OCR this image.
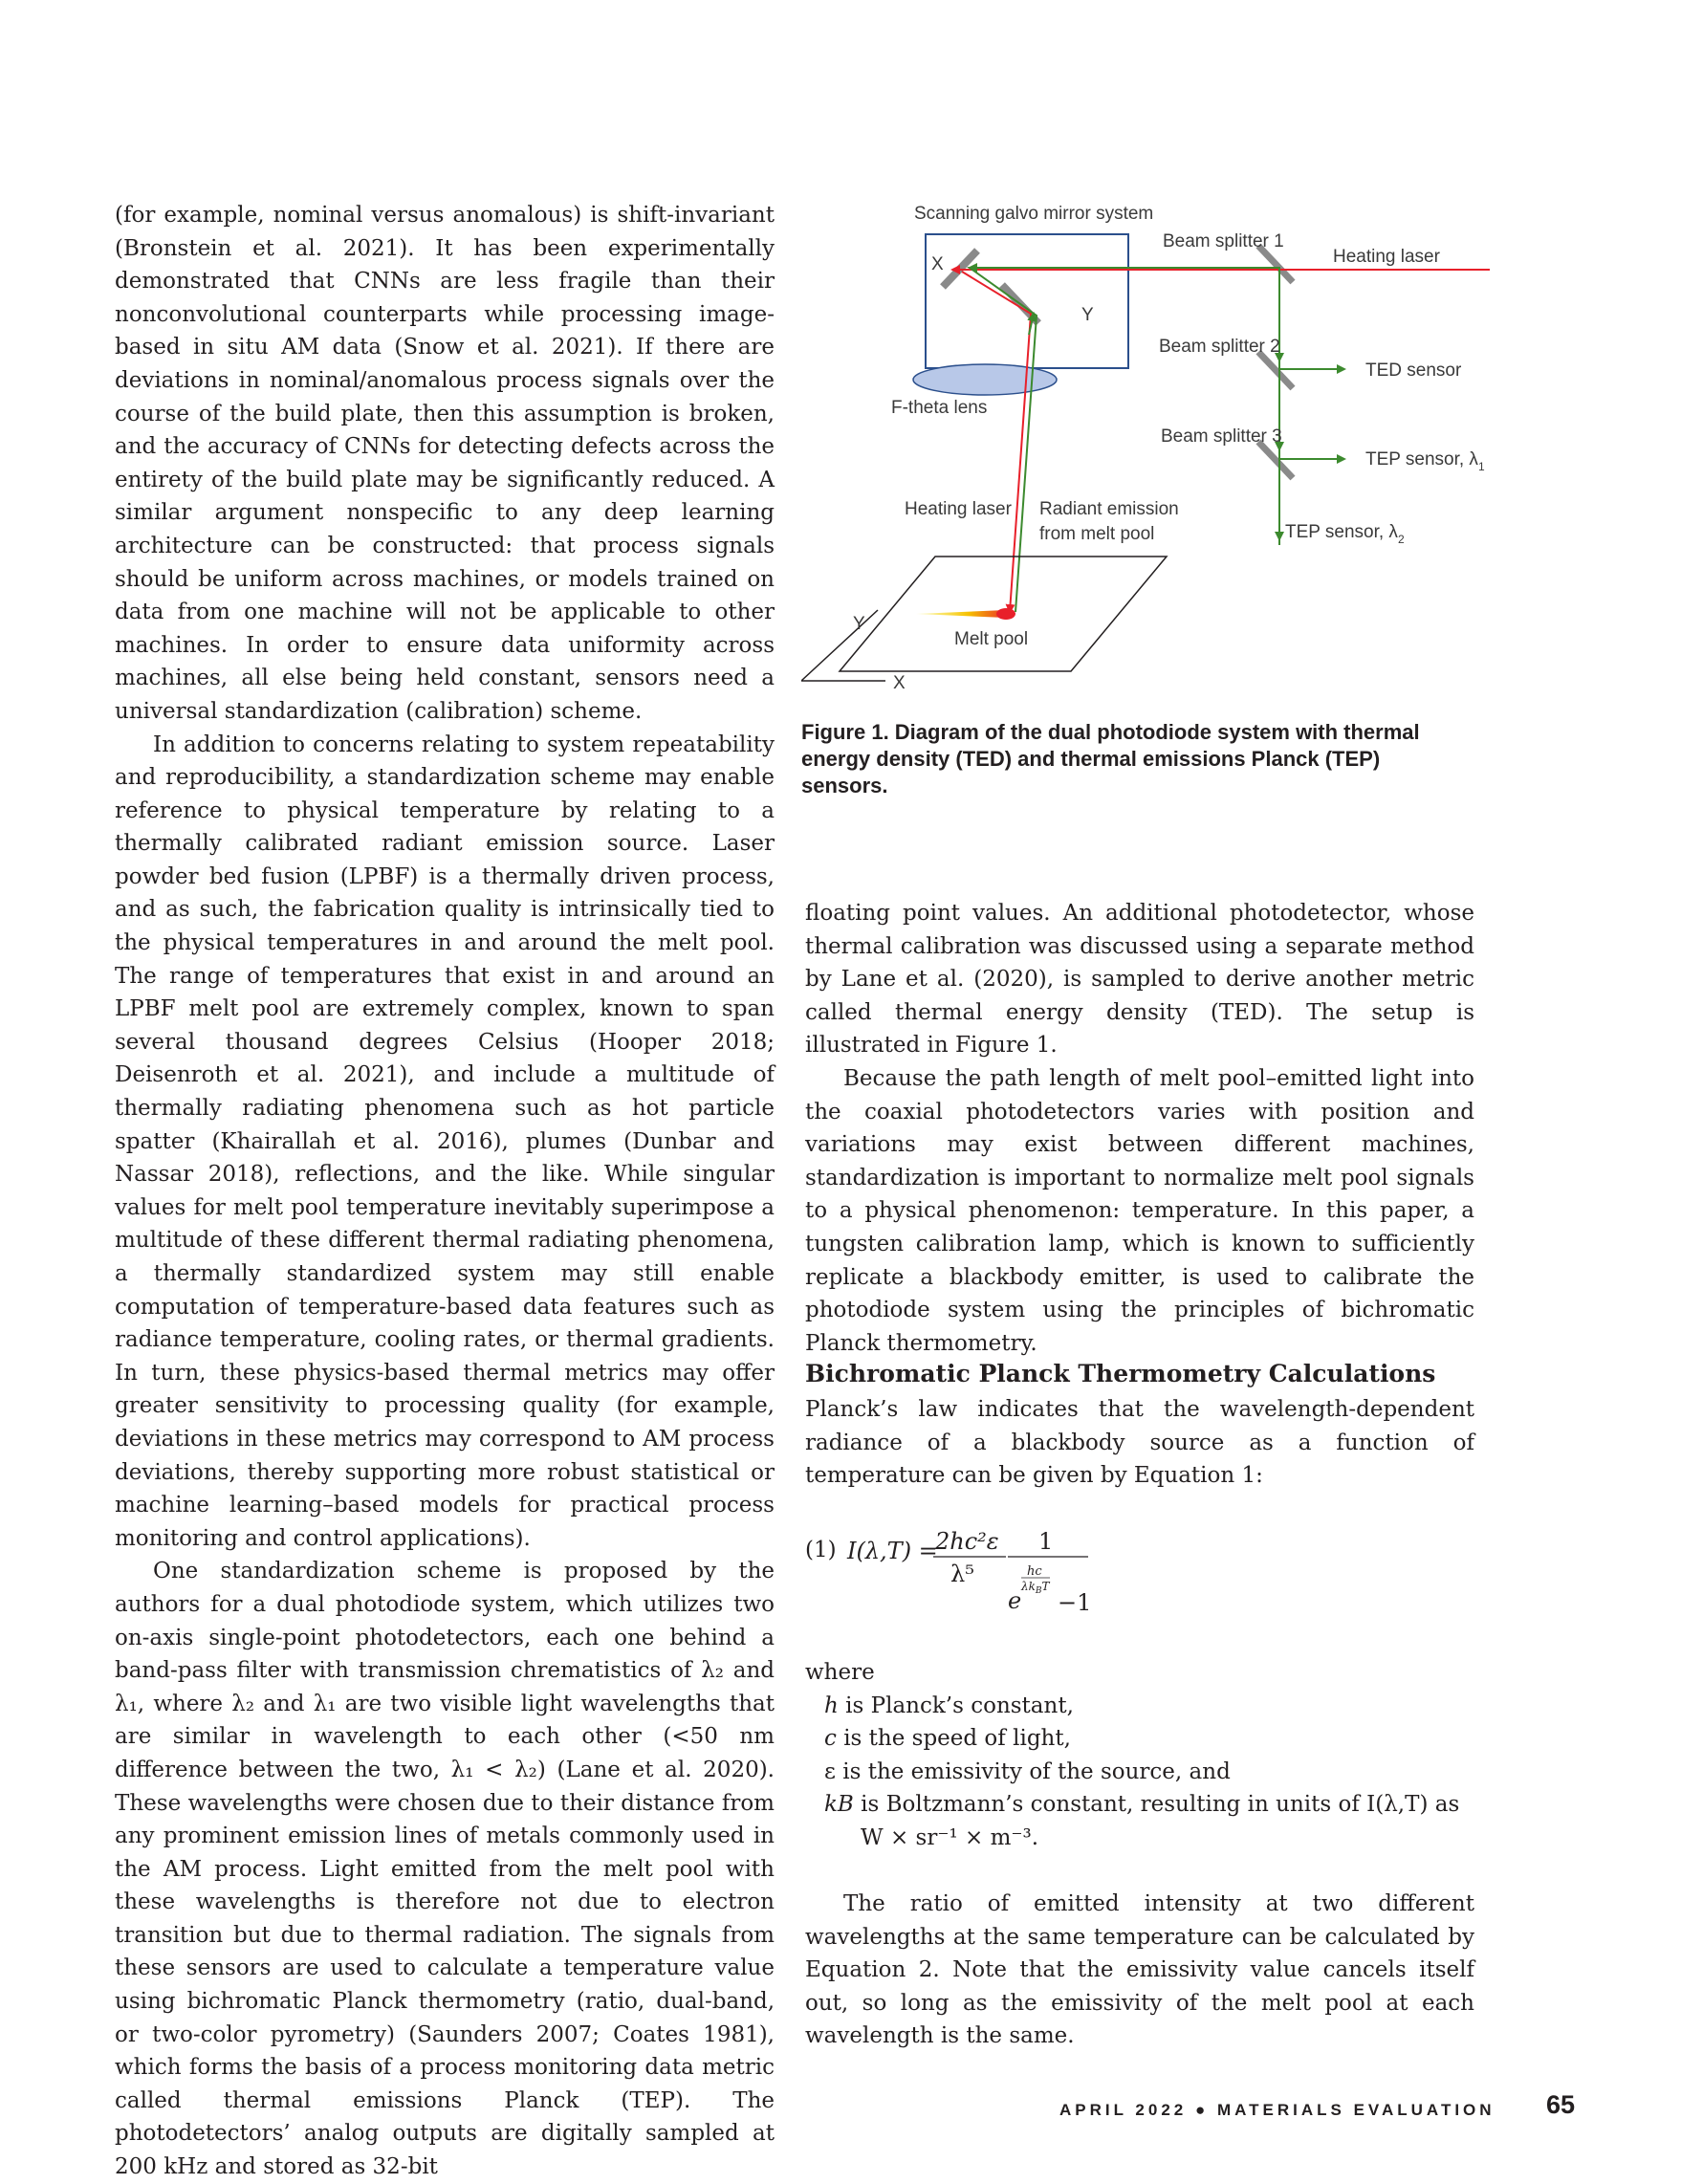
(for example, nominal versus anomalous) is shift-invariant (Bronstein et al. 2021). It has been experimentally demonstrated that CNNs are less fragile than their nonconvolutional counterparts while processing image-based in situ AM data (Snow et al. 2021). If there are deviations in nominal/anomalous process signals over the course of the build plate, then this assumption is broken, and the accuracy of CNNs for detecting defects across the entirety of the build plate may be significantly reduced. A similar argument nonspecific to any deep learning architecture can be constructed: that process signals should be uniform across machines, or models trained on data from one machine will not be applicable to other machines. In order to ensure data uniformity across machines, all else being held constant, sensors need a universal standardization (calibration) scheme.

In addition to concerns relating to system repeatability and reproducibility, a standardization scheme may enable reference to physical temperature by relating to a thermally calibrated radiant emission source. Laser powder bed fusion (LPBF) is a thermally driven process, and as such, the fabrication quality is intrinsically tied to the physical temperatures in and around the melt pool. The range of temperatures that exist in and around an LPBF melt pool are extremely complex, known to span several thousand degrees Celsius (Hooper 2018; Deisenroth et al. 2021), and include a multitude of thermally radiating phenomena such as hot particle spatter (Khairallah et al. 2016), plumes (Dunbar and Nassar 2018), reflections, and the like. While singular values for melt pool temperature inevitably superimpose a multitude of these different thermal radiating phenomena, a thermally standardized system may still enable computation of temperature-based data features such as radiance temperature, cooling rates, or thermal gradients. In turn, these physics-based thermal metrics may offer greater sensitivity to processing quality (for example, deviations in these metrics may correspond to AM process deviations, thereby supporting more robust statistical or machine learning–based models for practical process monitoring and control applications).

One standardization scheme is proposed by the authors for a dual photodiode system, which utilizes two on-axis single-point photodetectors, each one behind a band-pass filter with transmission chrematistics of λ₂ and λ₁, where λ₂ and λ₁ are two visible light wavelengths that are similar in wavelength to each other (<50 nm difference between the two, λ₁ < λ₂) (Lane et al. 2020). These wavelengths were chosen due to their distance from any prominent emission lines of metals commonly used in the AM process. Light emitted from the melt pool with these wavelengths is therefore not due to electron transition but due to thermal radiation. The signals from these sensors are used to calculate a temperature value using bichromatic Planck thermometry (ratio, dual-band, or two-color pyrometry) (Saunders 2007; Coates 1981), which forms the basis of a process monitoring data metric called thermal emissions Planck (TEP). The photodetectors’ analog outputs are digitally sampled at 200 kHz and stored as 32-bit

Scanning galvo mirror system
F-theta lens
X
Y
Beam splitter 1
Heating laser
Beam splitter 2
TED sensor
Beam splitter 3
TEP sensor, $\lambda_1$
TEP sensor, $\lambda_2$
Heating laser Radiant emission
from melt pool
Melt pool
Y
X
Figure 1. Diagram of the dual photodiode system with thermal energy density (TED) and thermal emissions Planck (TEP) sensors.

floating point values. An additional photodetector, whose thermal calibration was discussed using a separate method by Lane et al. (2020), is sampled to derive another metric called thermal energy density (TED). The setup is illustrated in Figure 1.

Because the path length of melt pool–emitted light into the coaxial photodetectors varies with position and variations may exist between different machines, standardization is important to normalize melt pool signals to a physical phenomenon: temperature. In this paper, a tungsten calibration lamp, which is known to sufficiently replicate a blackbody emitter, is used to calibrate the photodiode system using the principles of bichromatic Planck thermometry.

Bichromatic Planck Thermometry Calculations

Planck’s law indicates that the wavelength-dependent radiance of a blackbody source as a function of temperature can be given by Equation 1:

(1) I(λ,T) =
2hc²ε
λ⁵
1
hc
$\lambda k_BT$
e −1

where

h is Planck’s constant,
c is the speed of light,
ε is the emissivity of the source, and
kB is Boltzmann’s constant, resulting in units of I(λ,T) as
W × sr⁻¹ × m⁻³.

The ratio of emitted intensity at two different wavelengths at the same temperature can be calculated by Equation 2. Note that the emissivity value cancels itself out, so long as the emissivity of the melt pool at each wavelength is the same.

APRIL 2022 ● MATERIALS EVALUATION 65
